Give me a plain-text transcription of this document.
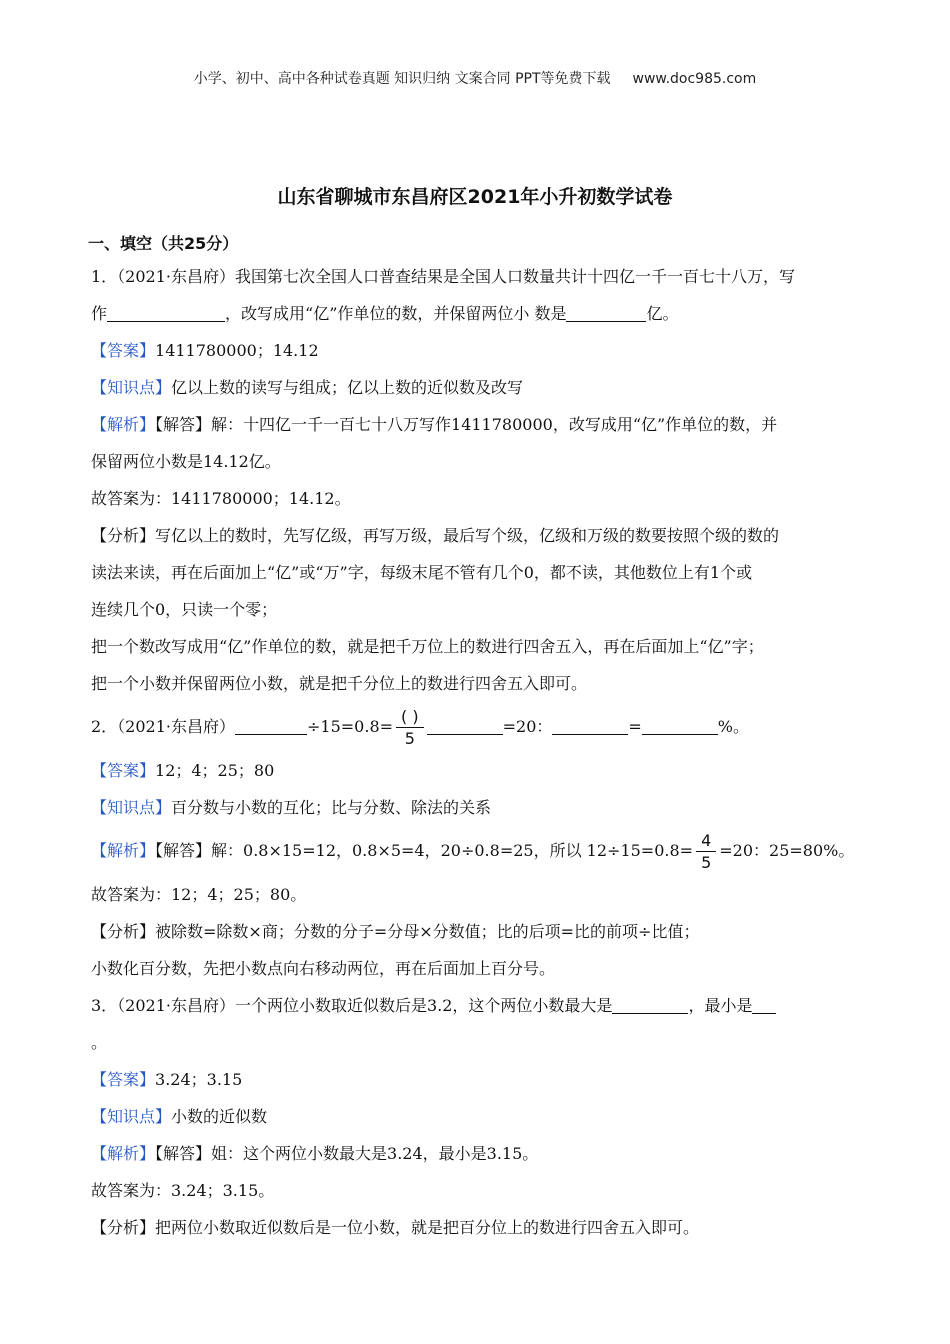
小学、初中、高中各种试卷真题 知识归纳 文案合同 PPT等免费下载 www.doc985.com
山东省聊城市东昌府区2021年小升初数学试卷
一、填空（共25分）
1．（2021·东昌府）我国第七次全国人口普查结果是全国人口数量共计十四亿一千一百七十八万，写
作	，改写成用“亿”作单位的数，并保留两位小 数是	亿。
【答案】1411780000；14.12
【知识点】亿以上数的读写与组成；亿以上数的近似数及改写
【解析】【解答】解：十四亿一千一百七十八万写作1411780000，改写成用“亿”作单位的数，并
保留两位小数是14.12亿。
故答案为：1411780000；14.12。
【分析】写亿以上的数时，先写亿级，再写万级，最后写个级，亿级和万级的数要按照个级的数的
读法来读，再在后面加上“亿”或“万”字，每级末尾不管有几个0，都不读，其他数位上有1个或
连续几个0，只读一个零；
把一个数改写成用“亿”作单位的数，就是把千万位上的数进行四舍五入，再在后面加上“亿”字；
把一个小数并保留两位小数，就是把千分位上的数进行四舍五入即可。
2．（2021·东昌府）	$\div 15=0.8= \frac{( )}{5}$	=20：	=	%。
【答案】12；4；25；80
【知识点】百分数与小数的互化；比与分数、除法的关系
【解析】【解答】解：0.8×15=12，0.8×5=4，20÷0.8=25，所以 $12\div 15=0.8= \frac{4}{5} =20$：25=80%。
故答案为：12；4；25；80。
【分析】被除数=除数×商；分数的分子=分母×分数值；比的后项=比的前项÷比值；
小数化百分数，先把小数点向右移动两位，再在后面加上百分号。
3．（2021·东昌府）一个两位小数取近似数后是3.2，这个两位小数最大是	，最小是
。
【答案】3.24；3.15
【知识点】小数的近似数
【解析】【解答】姐：这个两位小数最大是3.24，最小是3.15。
故答案为：3.24；3.15。
【分析】把两位小数取近似数后是一位小数，就是把百分位上的数进行四舍五入即可。
